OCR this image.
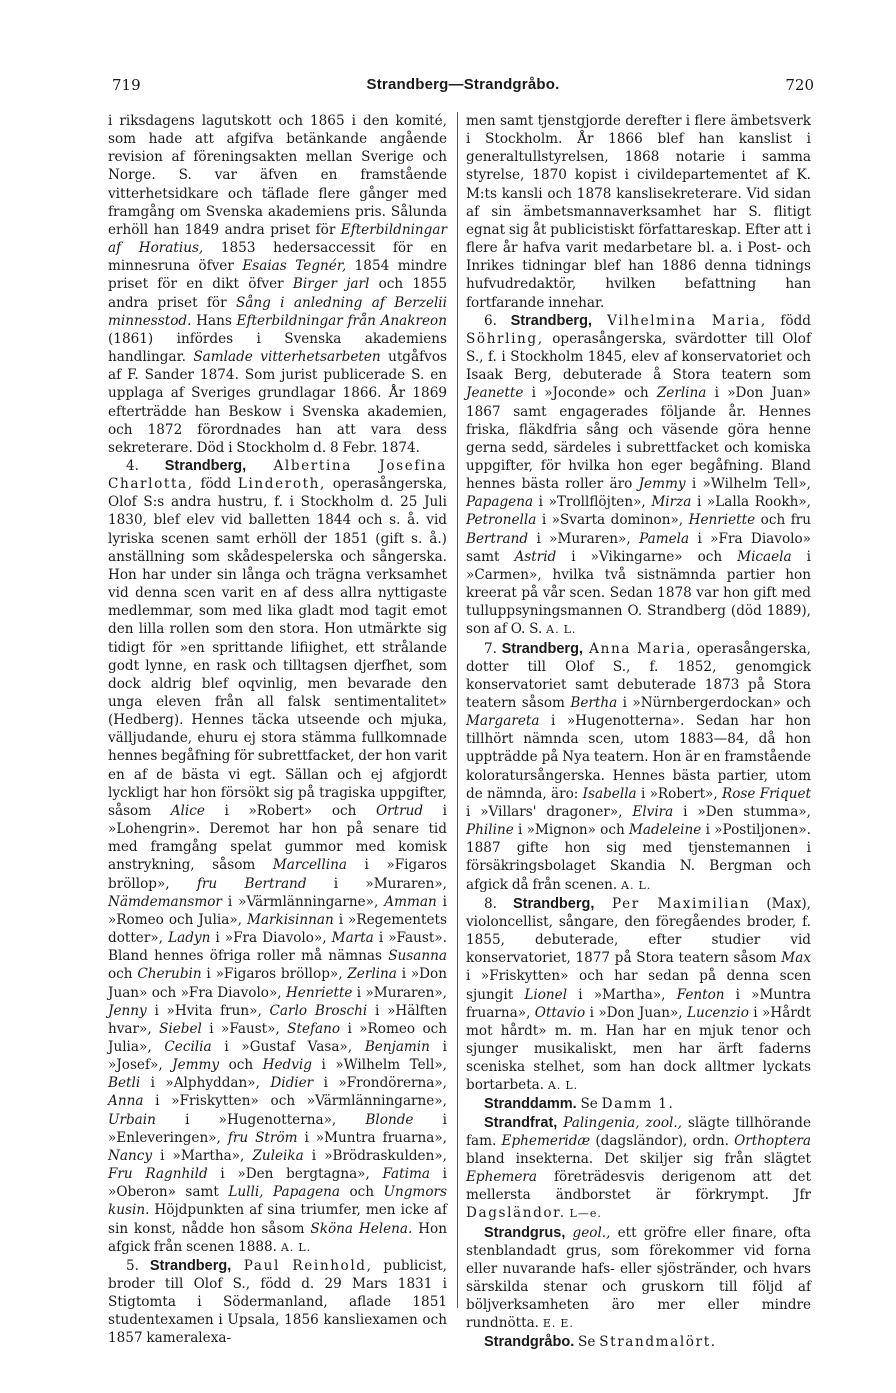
719	Strandberg—Strandgråbo.	720

i riksdagens lagutskott och 1865 i den komité, som hade att afgifva betänkande angående revision af föreningsakten mellan Sverige och Norge. S. var äfven en framstående vitterhetsidkare och täflade flere gånger med framgång om Svenska akademiens pris. Sålunda erhöll han 1849 andra priset för Efterbildningar af Horatius, 1853 hedersaccessit för en minnesruna öfver Esaias Tegnér, 1854 mindre priset för en dikt öfver Birger jarl och 1855 andra priset för Sång i anledning af Berzelii minnesstod. Hans Efterbildningar från Anakreon (1861) infördes i Svenska akademiens handlingar. Samlade vitterhetsarbeten utgåfvos af F. Sander 1874. Som jurist publicerade S. en upplaga af Sveriges grundlagar 1866. År 1869 efterträdde han Beskow i Svenska akademien, och 1872 förordnades han att vara dess sekreterare. Död i Stockholm d. 8 Febr. 1874.

4. Strandberg, Albertina Josefina Charlotta, född Linderoth, operasångerska, Olof S:s andra hustru, f. i Stockholm d. 25 Juli 1830, blef elev vid balletten 1844 och s. å. vid lyriska scenen samt erhöll der 1851 (gift s. å.) anställning som skådespelerska och sångerska. Hon har under sin långa och trägna verksamhet vid denna scen varit en af dess allra nyttigaste medlemmar, som med lika gladt mod tagit emot den lilla rollen som den stora. Hon utmärkte sig tidigt för »en sprittande lifiighet, ett strålande godt lynne, en rask och tilltagsen djerfhet, som dock aldrig blef oqvinlig, men bevarade den unga eleven från all falsk sentimentalitet» (Hedberg). Hennes täcka utseende och mjuka, välljudande, ehuru ej stora stämma fullkomnade hennes begåfning för subrettfacket, der hon varit en af de bästa vi egt. Sällan och ej afgjordt lyckligt har hon försökt sig på tragiska uppgifter, såsom Alice i »Robert» och Ortrud i »Lohengrin». Deremot har hon på senare tid med framgång spelat gummor med komisk anstrykning, såsom Marcellina i »Figaros bröllop», fru Bertrand i »Muraren», Nämdemansmor i »Värmlänningarne», Amman i »Romeo och Julia», Markisinnan i »Regementets dotter», Ladyn i »Fra Diavolo», Marta i »Faust». Bland hennes öfriga roller må nämnas Susanna och Cherubin i »Figaros bröllop», Zerlina i »Don Juan» och »Fra Diavolo», Henriette i »Muraren», Jenny i »Hvita frun», Carlo Broschi i »Hälften hvar», Siebel i »Faust», Stefano i »Romeo och Julia», Cecilia i »Gustaf Vasa», Benjamin i »Josef», Jemmy och Hedvig i »Wilhelm Tell», Betli i »Alphyddan», Didier i »Frondörerna», Anna i »Friskytten» och »Värmlänningarne», Urbain i »Hugenotterna», Blonde i »Enleveringen», fru Ström i »Muntra fruarna», Nancy i »Martha», Zuleika i »Brödraskulden», Fru Ragnhild i »Den bergtagna», Fatima i »Oberon» samt Lulli, Papagena och Ungmors kusin. Höjdpunkten af sina triumfer, men icke af sin konst, nådde hon såsom Sköna Helena. Hon afgick från scenen 1888. A. L.

5. Strandberg, Paul Reinhold, publicist, broder till Olof S., född d. 29 Mars 1831 i Stigtomta i Södermanland, aflade 1851 studentexamen i Upsala, 1856 kansliexamen och 1857 kameralexa-

men samt tjenstgjorde derefter i flere ämbetsverk i Stockholm. År 1866 blef han kanslist i generaltullstyrelsen, 1868 notarie i samma styrelse, 1870 kopist i civildepartementet af K. M:ts kansli och 1878 kanslisekreterare. Vid sidan af sin ämbetsmannaverksamhet har S. flitigt egnat sig åt publicistiskt författareskap. Efter att i flere år hafva varit medarbetare bl. a. i Post- och Inrikes tidningar blef han 1886 denna tidnings hufvudredaktör, hvilken befattning han fortfarande innehar.

6. Strandberg, Vilhelmina Maria, född Söhrling, operasångerska, svärdotter till Olof S., f. i Stockholm 1845, elev af konservatoriet och Isaak Berg, debuterade å Stora teatern som Jeanette i »Joconde» och Zerlina i »Don Juan» 1867 samt engagerades följande år. Hennes friska, fläkdfria sång och väsende göra henne gerna sedd, särdeles i subrettfacket och komiska uppgifter, för hvilka hon eger begåfning. Bland hennes bästa roller äro Jemmy i »Wilhelm Tell», Papagena i »Trollflöjten», Mirza i »Lalla Rookh», Petronella i »Svarta dominon», Henriette och fru Bertrand i »Muraren», Pamela i »Fra Diavolo» samt Astrid i »Vikingarne» och Micaela i »Carmen», hvilka två sistnämnda partier hon kreerat på vår scen. Sedan 1878 var hon gift med tulluppsyningsmannen O. Strandberg (död 1889), son af O. S. A. L.

7. Strandberg, Anna Maria, operasångerska, dotter till Olof S., f. 1852, genomgick konservatoriet samt debuterade 1873 på Stora teatern såsom Bertha i »Nürnbergerdockan» och Margareta i »Hugenotterna». Sedan har hon tillhört nämnda scen, utom 1883—84, då hon uppträdde på Nya teatern. Hon är en framstående koloratursångerska. Hennes bästa partier, utom de nämnda, äro: Isabella i »Robert», Rose Friquet i »Villars' dragoner», Elvira i »Den stumma», Philine i »Mignon» och Madeleine i »Postiljonen». 1887 gifte hon sig med tjenstemannen i försäkringsbolaget Skandia N. Bergman och afgick då från scenen. A. L.

8. Strandberg, Per Maximilian (Max), violoncellist, sångare, den föregåendes broder, f. 1855, debuterade, efter studier vid konservatoriet, 1877 på Stora teatern såsom Max i »Friskytten» och har sedan på denna scen sjungit Lionel i »Martha», Fenton i »Muntra fruarna», Ottavio i »Don Juan», Lucenzio i »Hårdt mot hårdt» m. m. Han har en mjuk tenor och sjunger musikaliskt, men har ärft faderns sceniska stelhet, som han dock alltmer lyckats bortarbeta. A. L.

Stranddamm. Se Damm 1.

Strandfrat, Palingenia, zool., slägte tillhörande fam. Ephemeridæ (dagsländor), ordn. Orthoptera bland insekterna. Det skiljer sig från slägtet Ephemera företrädesvis derigenom att det mellersta ändborstet är förkrympt. Jfr Dagsländor. L—e.

Strandgrus, geol., ett gröfre eller finare, ofta stenblandadt grus, som förekommer vid forna eller nuvarande hafs- eller sjöstränder, och hvars särskilda stenar och gruskorn till följd af böljverksamheten äro mer eller mindre rundnötta. E. E.

Strandgråbo. Se Strandmalört.
